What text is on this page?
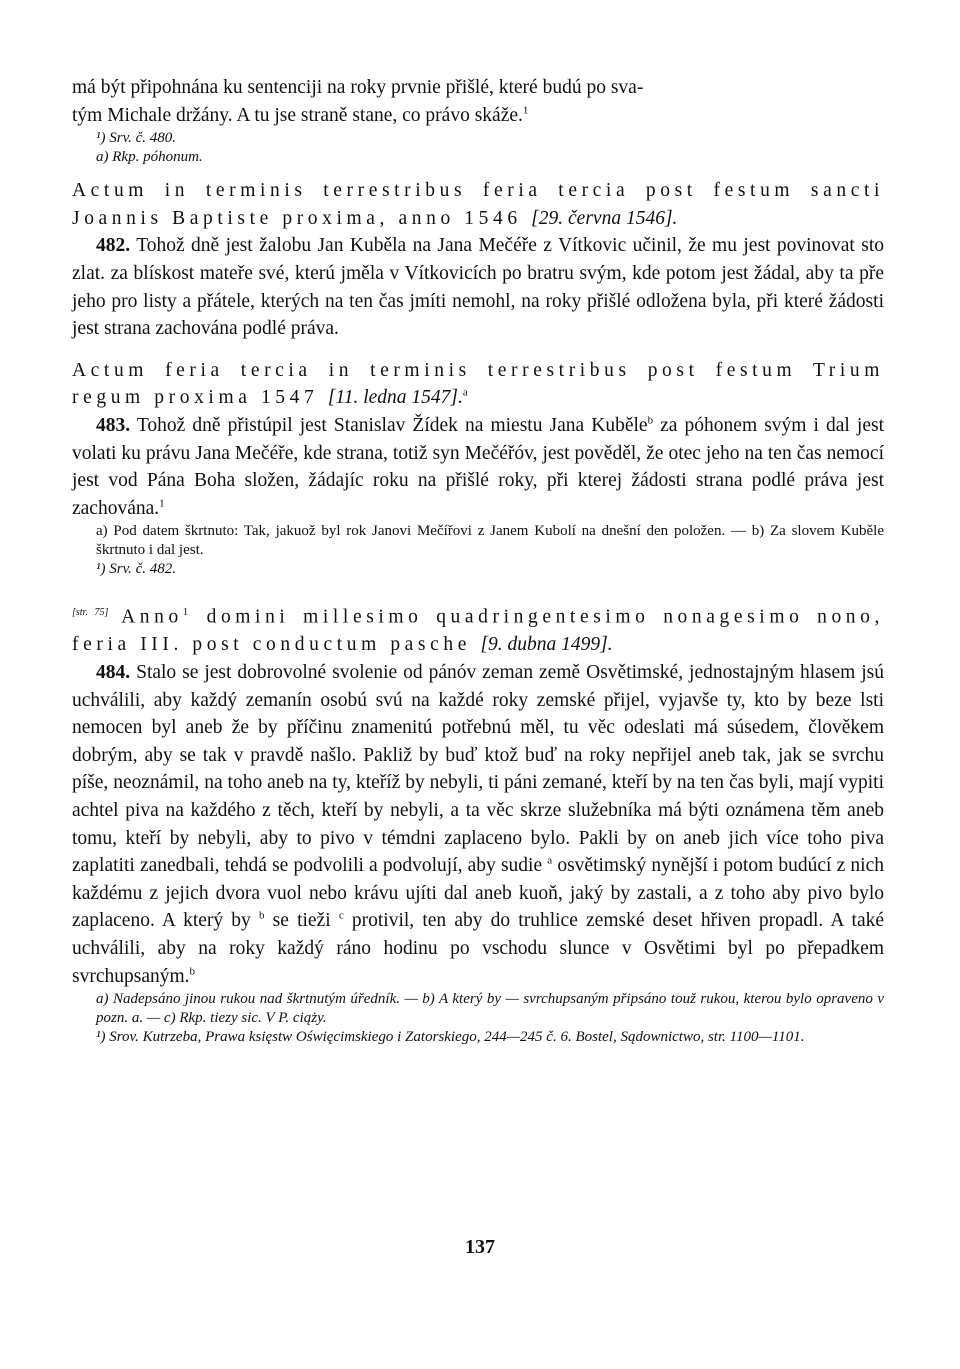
má být připohnána ku sentenciji na roky prvnie přišlé, které budú po sva-
tým Michale držány. A tu jse straně stane, co právo skáže.$^1$

¹) Srv. č. 480.

a) Rkp. póhonum.

Actum in terminis terrestribus feria tercia post festum sancti Joannis Baptiste proxima, anno 1546 [29. června 1546].

482. Tohož dně jest žalobu Jan Kuběla na Jana Mečéře z Vítkovic učinil, že mu jest povinovat sto zlat. za blískost mateře své, kterú jměla v Vítkovicích po bratru svým, kde potom jest žádal, aby ta pře jeho pro listy a přátele, kterých na ten čas jmíti nemohl, na roky přišlé odložena byla, při které žádosti jest strana zachována podlé práva.

Actum feria tercia in terminis terrestribus post festum Trium regum proxima 1547 [11. ledna 1547].$^a$

483. Tohož dně přistúpil jest Stanislav Žídek na miestu Jana Kuběle$^b$ za póhonem svým i dal jest volati ku právu Jana Mečéře, kde strana, totiž syn Mečéřóv, jest pověděl, že otec jeho na ten čas nemocí jest vod Pána Boha složen, žádajíc roku na přišlé roky, při kterej žádosti strana podlé práva jest zachována.$^1$

a) Pod datem škrtnuto: Tak, jakuož byl rok Janovi Mečířovi z Janem Kubolí na dnešní den položen. — b) Za slovem Kuběle škrtnuto i dal jest.

¹) Srv. č. 482.

[str. 75] Anno$^1$ domini millesimo quadringentesimo nonagesimo nono, feria III. post conductum pasche [9. dubna 1499].

484. Stalo se jest dobrovolné svolenie od pánóv zeman země Osvětimské, jednostajným hlasem jsú uchválili, aby každý zemanín osobú svú na každé roky zemské přijel, vyjavše ty, kto by beze lsti nemocen byl aneb že by příčinu znamenitú potřebnú měl, tu věc odeslati má súsedem, člověkem dobrým, aby se tak v pravdě našlo. Pakliž by buď ktož buď na roky nepřijel aneb tak, jak se svrchu píše, neoznámil, na toho aneb na ty, kteříž by nebyli, ti páni zemané, kteří by na ten čas byli, mají vypiti achtel piva na každého z těch, kteří by nebyli, a ta věc skrze služebníka má býti oznámena těm aneb tomu, kteří by nebyli, aby to pivo v témdni zaplaceno bylo. Pakli by on aneb jich více toho piva zaplatiti zanedbali, tehdá se podvolili a podvolují, aby sudie $^a$ osvětimský nynější i potom budúcí z nich každému z jejich dvora vuol nebo krávu ujíti dal aneb kuoň, jaký by zastali, a z toho aby pivo bylo zaplaceno. A který by $^b$ se tieži $^c$ protivil, ten aby do truhlice zemské deset hřiven propadl. A také uchválili, aby na roky každý ráno hodinu po vschodu slunce v Osvětimi byl po přepadkem svrchupsaným.$^b$

a) Nadepsáno jinou rukou nad škrtnutým úředník. — b) A který by — svrchupsaným připsáno touž rukou, kterou bylo opraveno v pozn. a. — c) Rkp. tiezy sic. V P. ciąży.

¹) Srov. Kutrzeba, Prawa księstw Oświęcimskiego i Zatorskiego, 244—245 č. 6. Bostel, Sądownictwo, str. 1100—1101.

137
